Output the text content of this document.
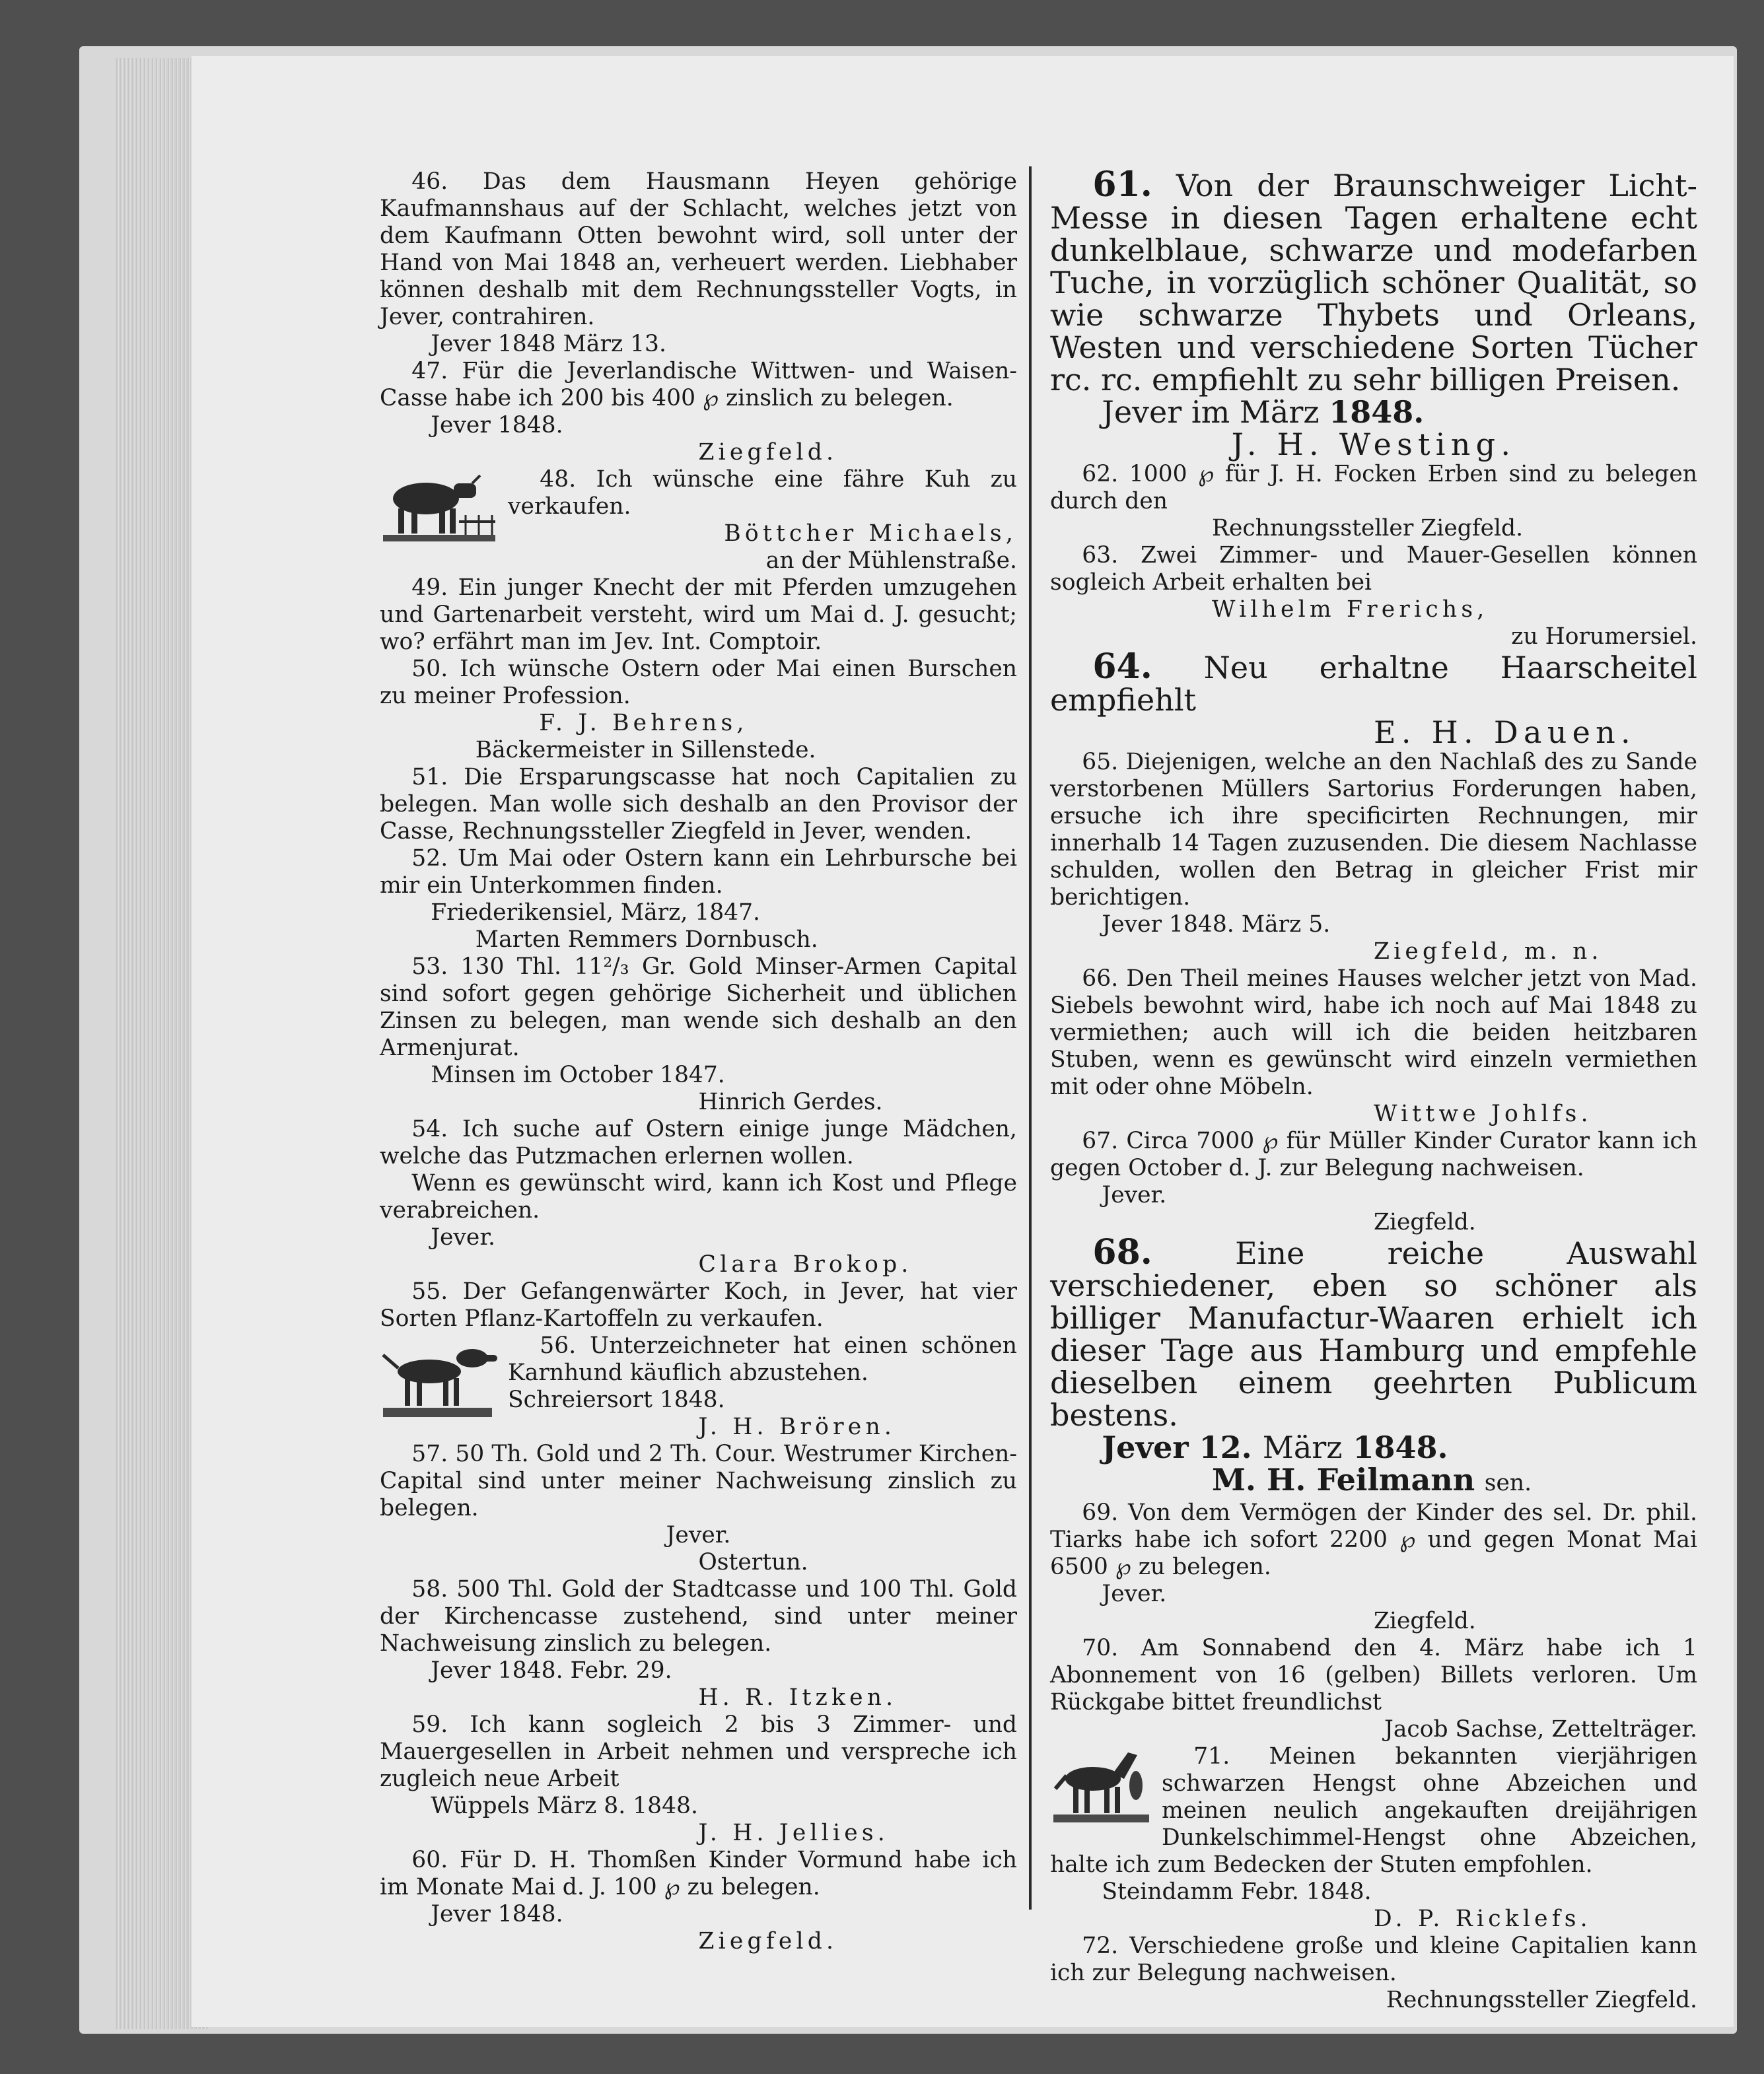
46. Das dem Hausmann Heyen gehörige Kaufmannshaus auf der Schlacht, welches jetzt von dem Kaufmann Otten bewohnt wird, soll unter der Hand von Mai 1848 an, verheuert werden. Liebhaber können deshalb mit dem Rechnungssteller Vogts, in Jever, contrahiren.

Jever 1848 März 13.

47. Für die Jeverlandische Wittwen- und Waisen-Casse habe ich 200 bis 400 ℘ zinslich zu belegen.

Jever 1848.

Ziegfeld.

48. Ich wünsche eine fähre Kuh zu verkaufen.

Böttcher Michaels,

an der Mühlenstraße.

49. Ein junger Knecht der mit Pferden umzugehen und Gartenarbeit versteht, wird um Mai d. J. gesucht; wo? erfährt man im Jev. Int. Comptoir.

50. Ich wünsche Ostern oder Mai einen Burschen zu meiner Profession.

F. J. Behrens,

Bäckermeister in Sillenstede.

51. Die Ersparungscasse hat noch Capitalien zu belegen. Man wolle sich deshalb an den Provisor der Casse, Rechnungssteller Ziegfeld in Jever, wenden.

52. Um Mai oder Ostern kann ein Lehrbursche bei mir ein Unterkommen finden.

Friederikensiel, März, 1847.

Marten Remmers Dornbusch.

53. 130 Thl. 11²/₃ Gr. Gold Minser-Armen Capital sind sofort gegen gehörige Sicherheit und üblichen Zinsen zu belegen, man wende sich deshalb an den Armenjurat.

Minsen im October 1847.

Hinrich Gerdes.

54. Ich suche auf Ostern einige junge Mädchen, welche das Putzmachen erlernen wollen.

Wenn es gewünscht wird, kann ich Kost und Pflege verabreichen.

Jever.

Clara Brokop.

55. Der Gefangenwärter Koch, in Jever, hat vier Sorten Pflanz-Kartoffeln zu verkaufen.

56. Unterzeichneter hat einen schönen Karnhund käuflich abzustehen.

Schreiersort 1848.

J. H. Brören.

57. 50 Th. Gold und 2 Th. Cour. Westrumer Kirchen-Capital sind unter meiner Nachweisung zinslich zu belegen.

Jever.

Ostertun.

58. 500 Thl. Gold der Stadtcasse und 100 Thl. Gold der Kirchencasse zustehend, sind unter meiner Nachweisung zinslich zu belegen.

Jever 1848. Febr. 29.

H. R. Itzken.

59. Ich kann sogleich 2 bis 3 Zimmer- und Mauergesellen in Arbeit nehmen und verspreche ich zugleich neue Arbeit

Wüppels März 8. 1848.

J. H. Jellies.

60. Für D. H. Thomßen Kinder Vormund habe ich im Monate Mai d. J. 100 ℘ zu belegen.

Jever 1848.

Ziegfeld.

61. Von der Braunschweiger Licht-Messe in diesen Tagen erhaltene echt dunkelblaue, schwarze und modefarben Tuche, in vorzüglich schöner Qualität, so wie schwarze Thybets und Orleans, Westen und verschiedene Sorten Tücher rc. rc. empfiehlt zu sehr billigen Preisen.

Jever im März 1848.

J. H. Westing.

62. 1000 ℘ für J. H. Focken Erben sind zu belegen durch den

Rechnungssteller Ziegfeld.

63. Zwei Zimmer- und Mauer-Gesellen können sogleich Arbeit erhalten bei

Wilhelm Frerichs,

zu Horumersiel.

64. Neu erhaltne Haarscheitel empfiehlt

E. H. Dauen.

65. Diejenigen, welche an den Nachlaß des zu Sande verstorbenen Müllers Sartorius Forderungen haben, ersuche ich ihre specificirten Rechnungen, mir innerhalb 14 Tagen zuzusenden. Die diesem Nachlasse schulden, wollen den Betrag in gleicher Frist mir berichtigen.

Jever 1848. März 5.

Ziegfeld, m. n.

66. Den Theil meines Hauses welcher jetzt von Mad. Siebels bewohnt wird, habe ich noch auf Mai 1848 zu vermiethen; auch will ich die beiden heitzbaren Stuben, wenn es gewünscht wird einzeln vermiethen mit oder ohne Möbeln.

Wittwe Johlfs.

67. Circa 7000 ℘ für Müller Kinder Curator kann ich gegen October d. J. zur Belegung nachweisen.

Jever.

Ziegfeld.

68.	Eine reiche Auswahl verschiedener, eben so schöner als billiger Manufactur-Waaren erhielt ich dieser Tage aus Hamburg und empfehle dieselben einem geehrten Publicum bestens.

Jever 12. März 1848.

M. H. Feilmann sen.

69. Von dem Vermögen der Kinder des sel. Dr. phil. Tiarks habe ich sofort 2200 ℘ und gegen Monat Mai 6500 ℘ zu belegen.

Jever.

Ziegfeld.

70. Am Sonnabend den 4. März habe ich 1 Abonnement von 16 (gelben) Billets verloren. Um Rückgabe bittet freundlichst

Jacob Sachse, Zettelträger.

71. Meinen bekannten vierjährigen schwarzen Hengst ohne Abzeichen und meinen neulich angekauften dreijährigen Dunkelschimmel-Hengst ohne Abzeichen, halte ich zum Bedecken der Stuten empfohlen.

Steindamm Febr. 1848.

D. P. Ricklefs.

72. Verschiedene große und kleine Capitalien kann ich zur Belegung nachweisen.

Rechnungssteller Ziegfeld.
